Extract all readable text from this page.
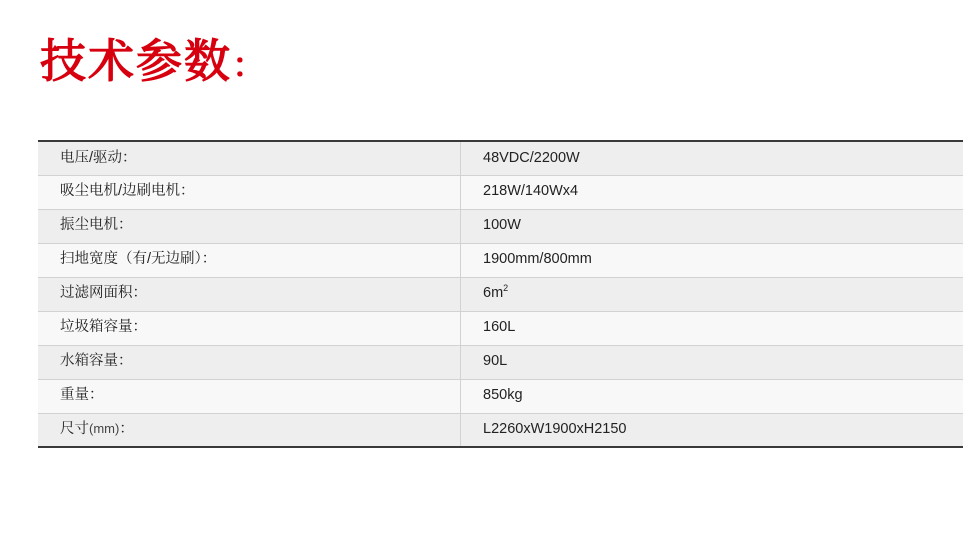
技术参数：
电压/驱动：	48VDC/2200W
吸尘电机/边刷电机：	218W/140Wx4
振尘电机：	100W
扫地宽度（有/无边刷）：	1900mm/800mm
过滤网面积：	$6m^2$
垃圾箱容量：	160L
水箱容量：	90L
重量：	850kg
尺寸(mm)：	L2260xW1900xH2150
